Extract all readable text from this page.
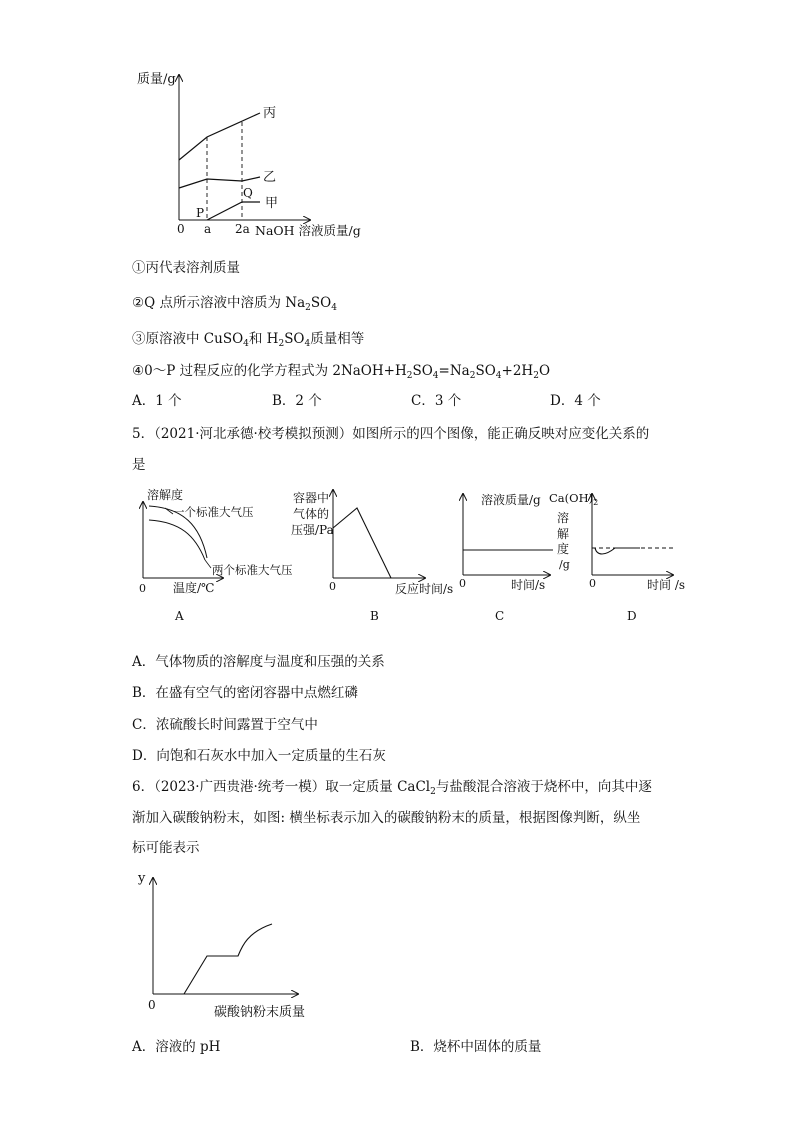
质量/g
丙
乙
甲
Q
P
0 a 2a NaOH 溶液质量/g
①丙代表溶剂质量
②Q 点所示溶液中溶质为 $Na_2SO_4$
③原溶液中 CuSO$_4$和 $H_2SO_4$质量相等
④0～P 过程反应的化学方程式为 $2NaOH+H_2SO_4=Na_2SO_4+2H_2O$
A．1 个	B．2 个	C．3 个	D．4 个
5．（2021·河北承德·校考模拟预测）如图所示的四个图像，能正确反映对应变化关系的
是
溶解度
一个标准大气压
两个标准大气压
0 温度/℃
A
容器中
气体的
压强/Pa
0	反应时间/s
B
溶液质量/g
0	时间/s
C
$Ca(OH)_2$
溶
解
度
/g
0	时间 /s
D
A．气体物质的溶解度与温度和压强的关系
B．在盛有空气的密闭容器中点燃红磷
C．浓硫酸长时间露置于空气中
D．向饱和石灰水中加入一定质量的生石灰
6．（2023·广西贵港·统考一模）取一定质量 CaCl$_2$与盐酸混合溶液于烧杯中，向其中逐
渐加入碳酸钠粉末，如图: 横坐标表示加入的碳酸钠粉末的质量，根据图像判断，纵坐
标可能表示
y
0	碳酸钠粉末质量
A．溶液的 pH	B．烧杯中固体的质量
